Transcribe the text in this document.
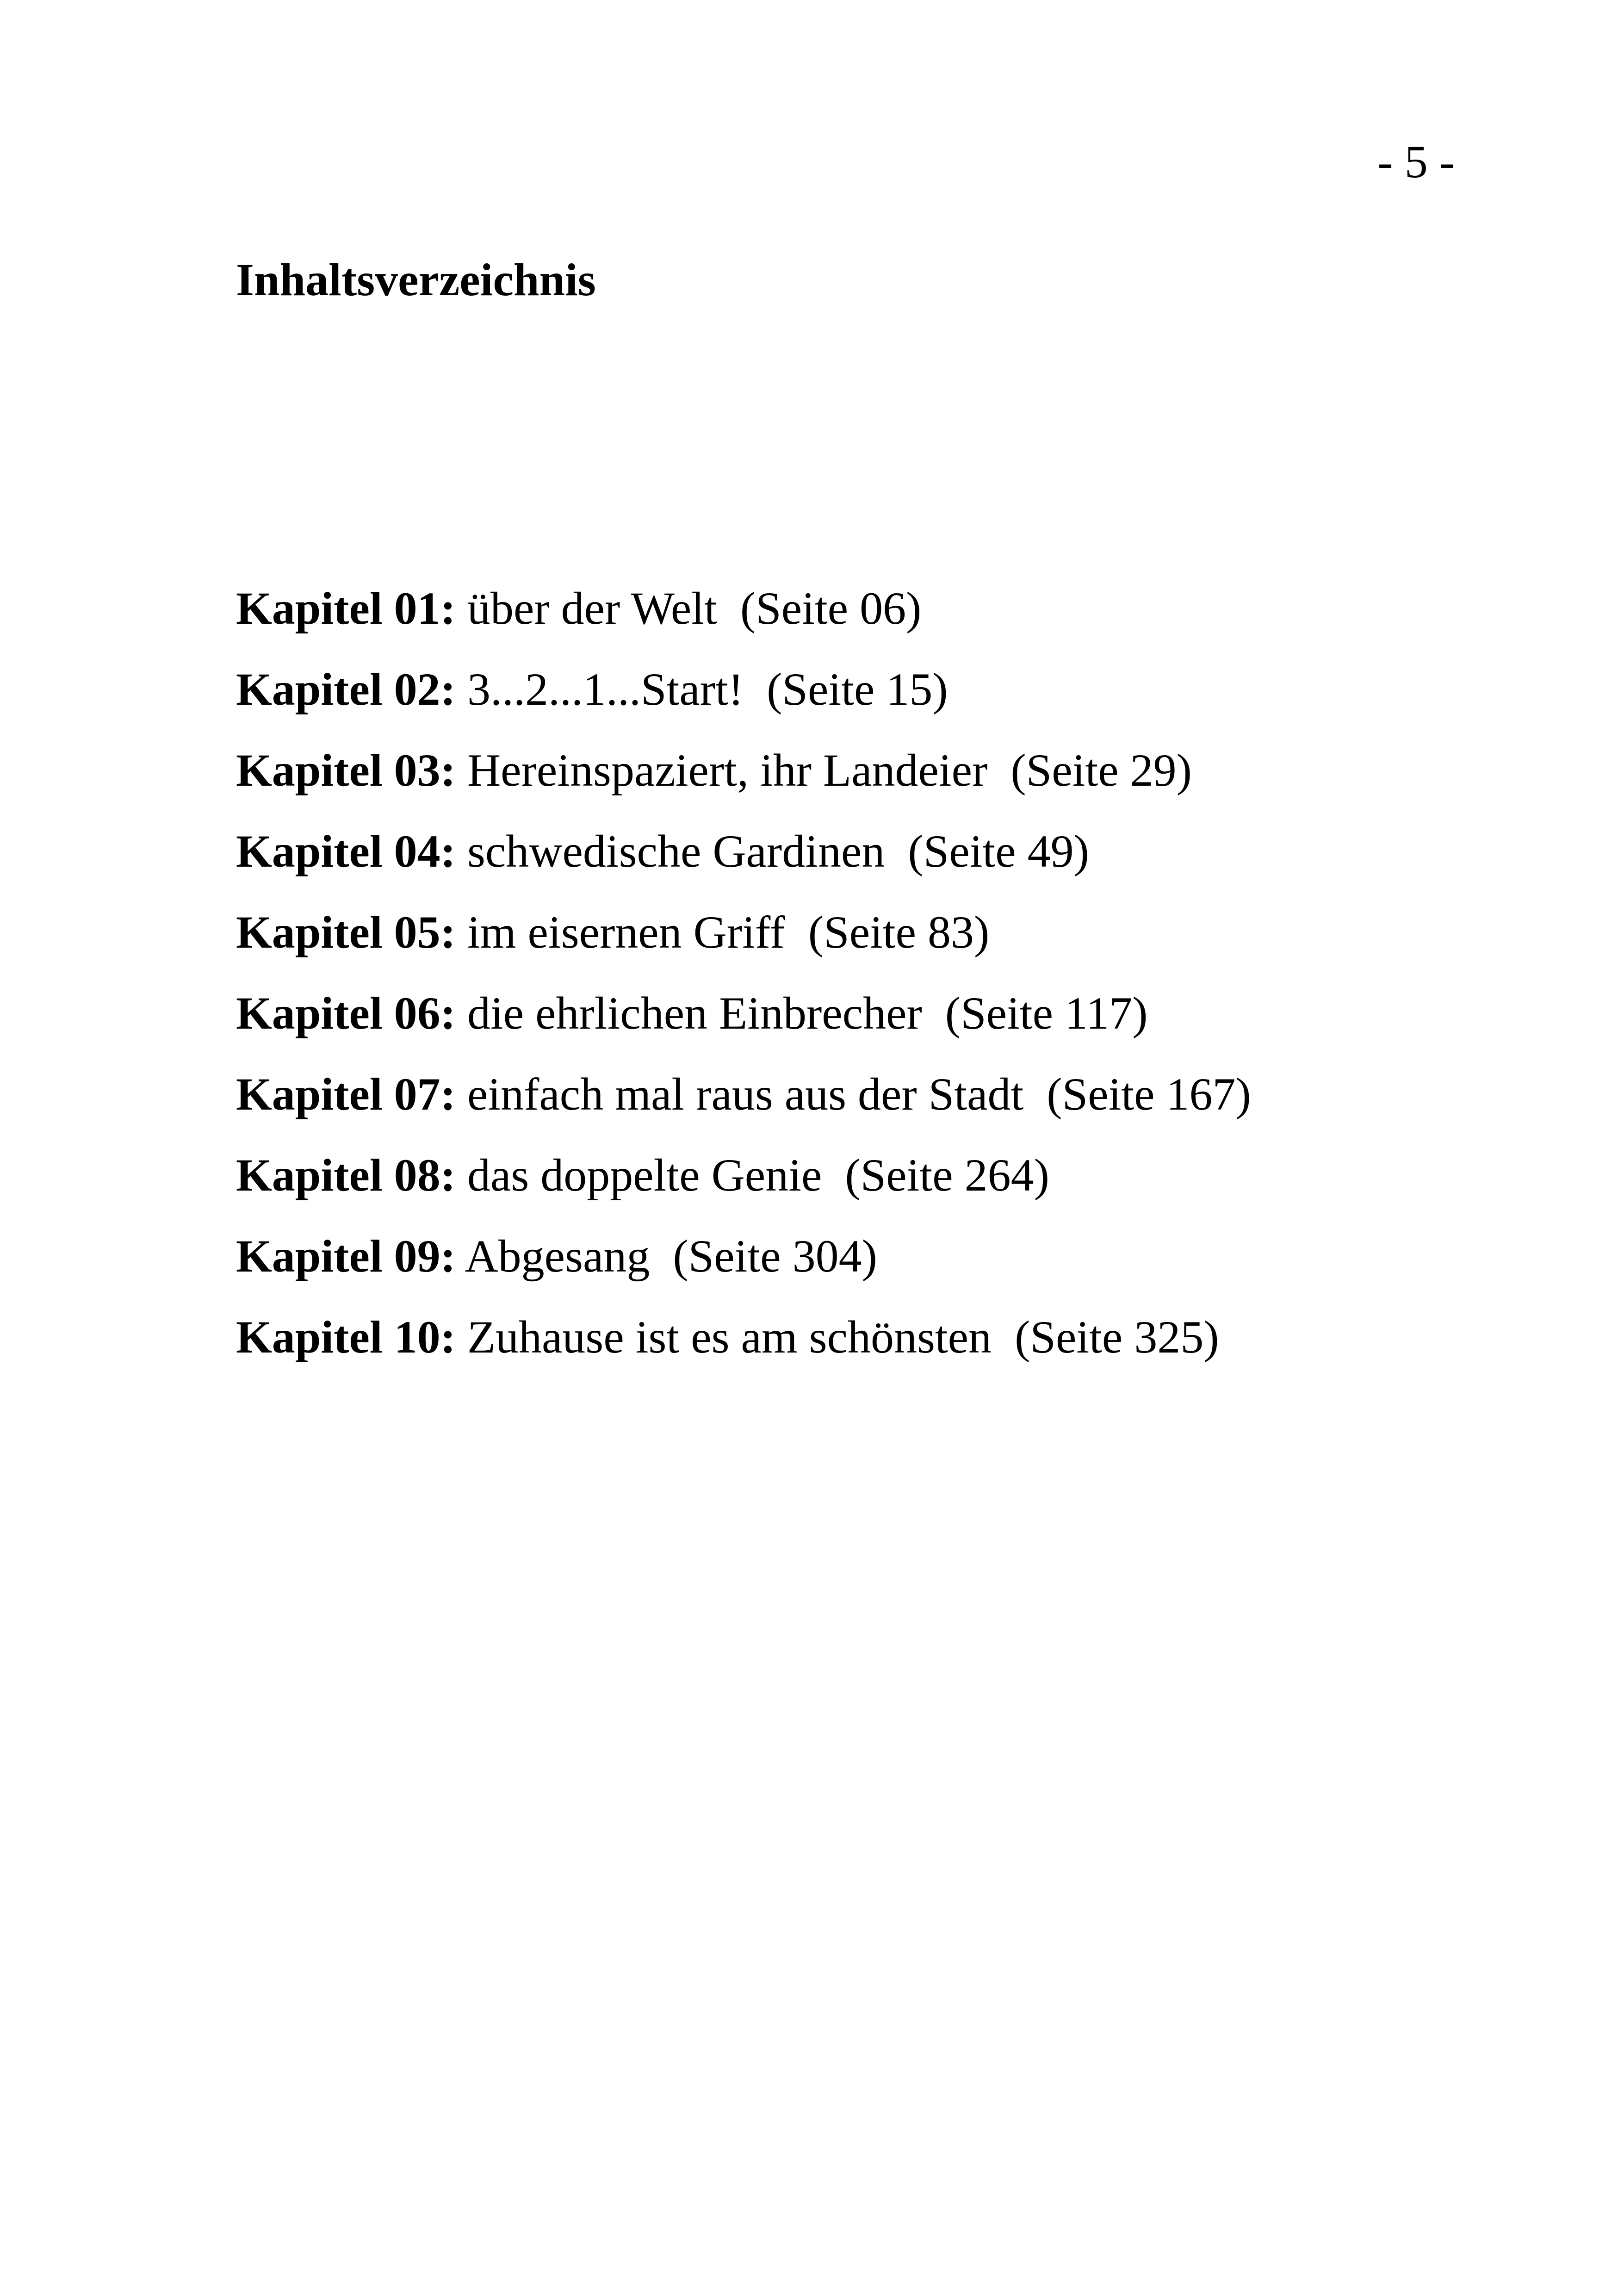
- 5 -
Inhaltsverzeichnis
Kapitel 01: über der Welt (Seite 06)
Kapitel 02: 3...2...1...Start! (Seite 15)
Kapitel 03: Hereinspaziert, ihr Landeier (Seite 29)
Kapitel 04: schwedische Gardinen (Seite 49)
Kapitel 05: im eisernen Griff (Seite 83)
Kapitel 06: die ehrlichen Einbrecher (Seite 117)
Kapitel 07: einfach mal raus aus der Stadt (Seite 167)
Kapitel 08: das doppelte Genie (Seite 264)
Kapitel 09: Abgesang (Seite 304)
Kapitel 10: Zuhause ist es am schönsten (Seite 325)
